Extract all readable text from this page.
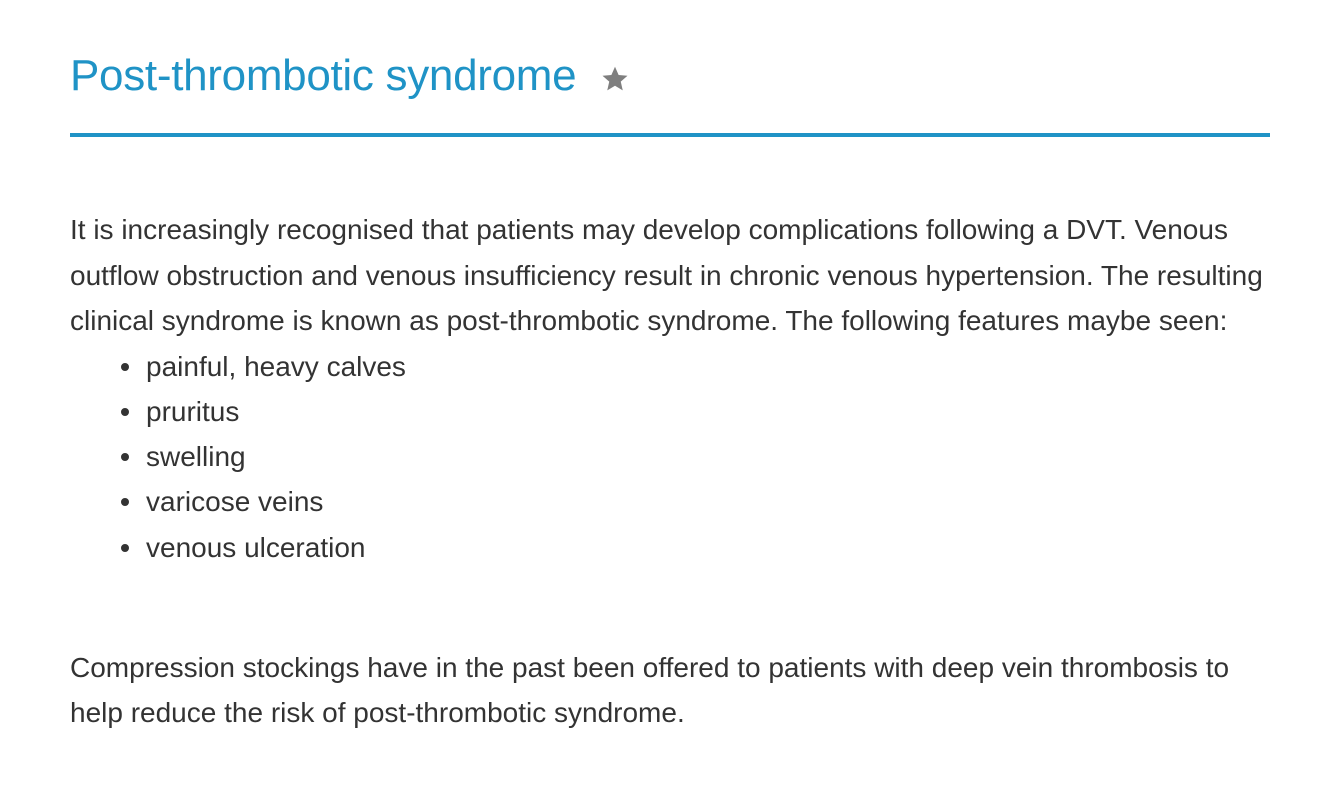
Post-thrombotic syndrome

It is increasingly recognised that patients may develop complications following a DVT. Venous outflow obstruction and venous insufficiency result in chronic venous hypertension. The resulting clinical syndrome is known as post-thrombotic syndrome. The following features maybe seen:

painful, heavy calves
pruritus
swelling
varicose veins
venous ulceration

Compression stockings have in the past been offered to patients with deep vein thrombosis to help reduce the risk of post-thrombotic syndrome.
